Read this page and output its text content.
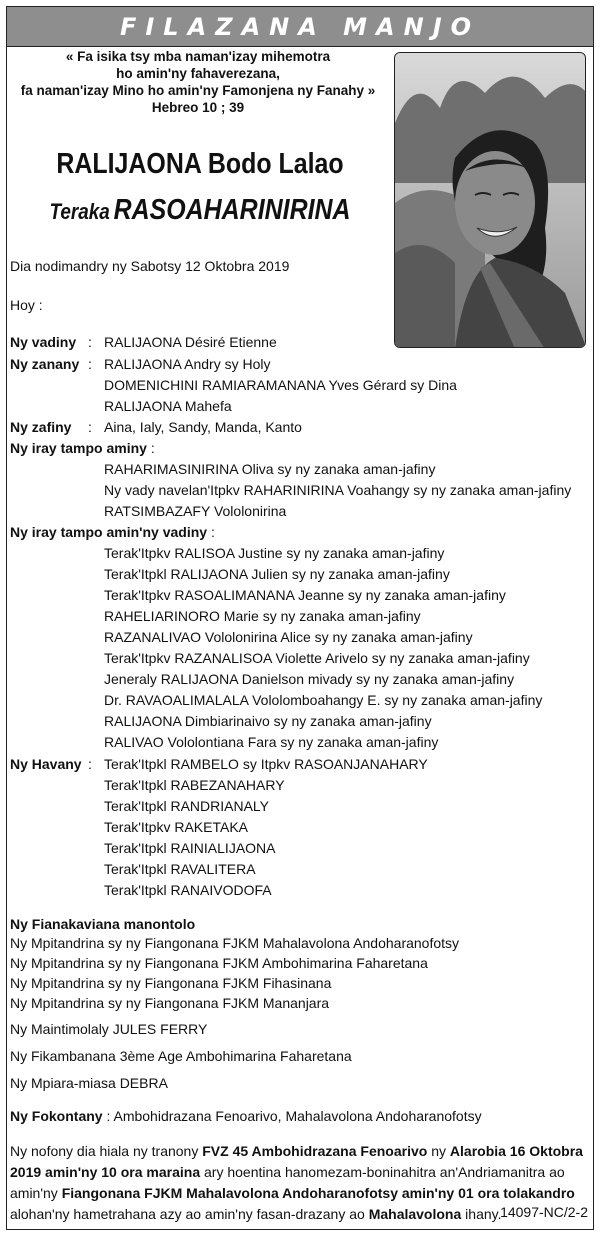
FILAZANA MANJO
« Fa isika tsy mba naman'izay mihemotra
ho amin'ny fahaverezana,
fa naman'izay Mino ho amin'ny Famonjena ny Fanahy »
Hebreo 10 ; 39
RALIJAONA Bodo Lalao
Teraka RASOAHARINIRINA
Dia nodimandry ny Sabotsy 12 Oktobra 2019
Hoy :
Ny vadiny : RALIJAONA Désiré Etienne
Ny zanany : RALIJAONA Andry sy Holy
DOMENICHINI RAMIARAMANANA Yves Gérard sy Dina
RALIJAONA Mahefa
Ny zafiny : Aina, Ialy, Sandy, Manda, Kanto
Ny iray tampo aminy :
RAHARIMASINIRINA Oliva sy ny zanaka aman-jafiny
Ny vady navelan'Itpkv RAHARINIRINA Voahangy sy ny zanaka aman-jafiny
RATSIMBAZAFY Vololonirina
Ny iray tampo amin'ny vadiny :
Terak'Itpkv RALISOA Justine sy ny zanaka aman-jafiny
Terak'Itpkl RALIJAONA Julien sy ny zanaka aman-jafiny
Terak'Itpkv RASOALIMANANA Jeanne sy ny zanaka aman-jafiny
RAHELIARINORO Marie sy ny zanaka aman-jafiny
RAZANALIVAO Vololonirina Alice sy ny zanaka aman-jafiny
Terak'Itpkv RAZANALISOA Violette Arivelo sy ny zanaka aman-jafiny
Jeneraly RALIJAONA Danielson mivady sy ny zanaka aman-jafiny
Dr. RAVAOALIMALALA Vololomboahangy E. sy ny zanaka aman-jafiny
RALIJAONA Dimbiarinaivo sy ny zanaka aman-jafiny
RALIVAO Vololontiana Fara sy ny zanaka aman-jafiny
Ny Havany : Terak'Itpkl RAMBELO sy Itpkv RASOANJANAHARY
Terak'Itpkl RABEZANAHARY
Terak'Itpkl RANDRIANALY
Terak'Itpkv RAKETAKA
Terak'Itpkl RAINIALIJAONA
Terak'Itpkl RAVALITERA
Terak'Itpkl RANAIVODOFA
Ny Fianakaviana manontolo
Ny Mpitandrina sy ny Fiangonana FJKM Mahalavolona Andoharanofotsy
Ny Mpitandrina sy ny Fiangonana FJKM Ambohimarina Faharetana
Ny Mpitandrina sy ny Fiangonana FJKM Fihasinana
Ny Mpitandrina sy ny Fiangonana FJKM Mananjara
Ny Maintimolaly JULES FERRY
Ny Fikambanana 3ème Age Ambohimarina Faharetana
Ny Mpiara-miasa DEBRA
Ny Fokontany : Ambohidrazana Fenoarivo, Mahalavolona Andoharanofotsy
Ny nofony dia hiala ny tranony FVZ 45 Ambohidrazana Fenoarivo ny Alarobia 16 Oktobra 2019 amin'ny 10 ora maraina ary hoentina hanomezam-boninahitra an'Andriamanitra ao amin'ny Fiangonana FJKM Mahalavolona Andoharanofotsy amin'ny 01 ora tolakandro alohan'ny hametrahana azy ao amin'ny fasan-drazany ao Mahalavolona ihany.
14097-NC/2-2
